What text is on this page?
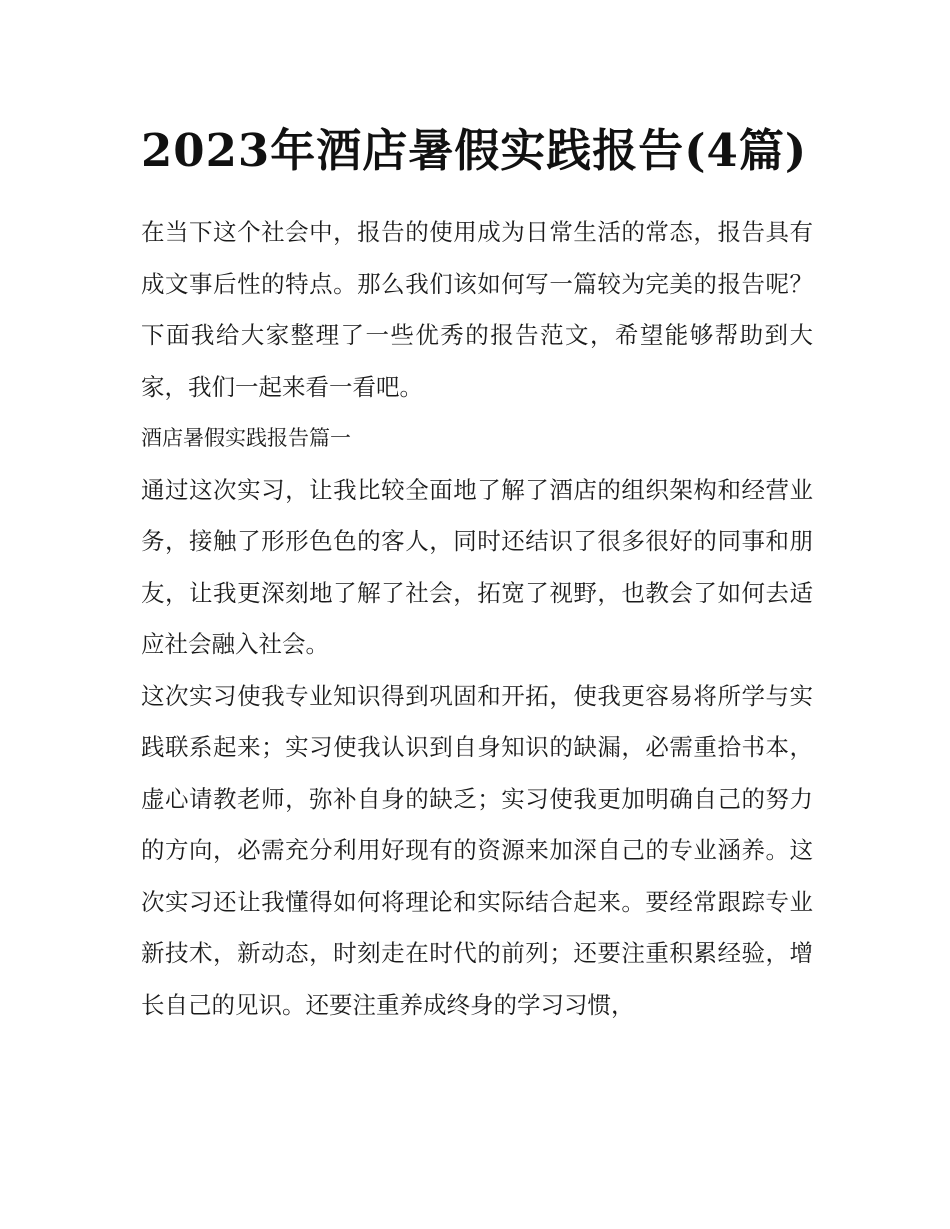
2023年酒店暑假实践报告(4篇)

在当下这个社会中，报告的使用成为日常生活的常态，报告具有成文事后性的特点。那么我们该如何写一篇较为完美的报告呢？下面我给大家整理了一些优秀的报告范文，希望能够帮助到大家，我们一起来看一看吧。

酒店暑假实践报告篇一

通过这次实习，让我比较全面地了解了酒店的组织架构和经营业务，接触了形形色色的客人，同时还结识了很多很好的同事和朋友，让我更深刻地了解了社会，拓宽了视野，也教会了如何去适应社会融入社会。

这次实习使我专业知识得到巩固和开拓，使我更容易将所学与实践联系起来；实习使我认识到自身知识的缺漏，必需重拾书本，虚心请教老师，弥补自身的缺乏；实习使我更加明确自己的努力的方向，必需充分利用好现有的资源来加深自己的专业涵养。这次实习还让我懂得如何将理论和实际结合起来。要经常跟踪专业新技术，新动态，时刻走在时代的前列；还要注重积累经验，增长自己的见识。还要注重养成终身的学习习惯，
